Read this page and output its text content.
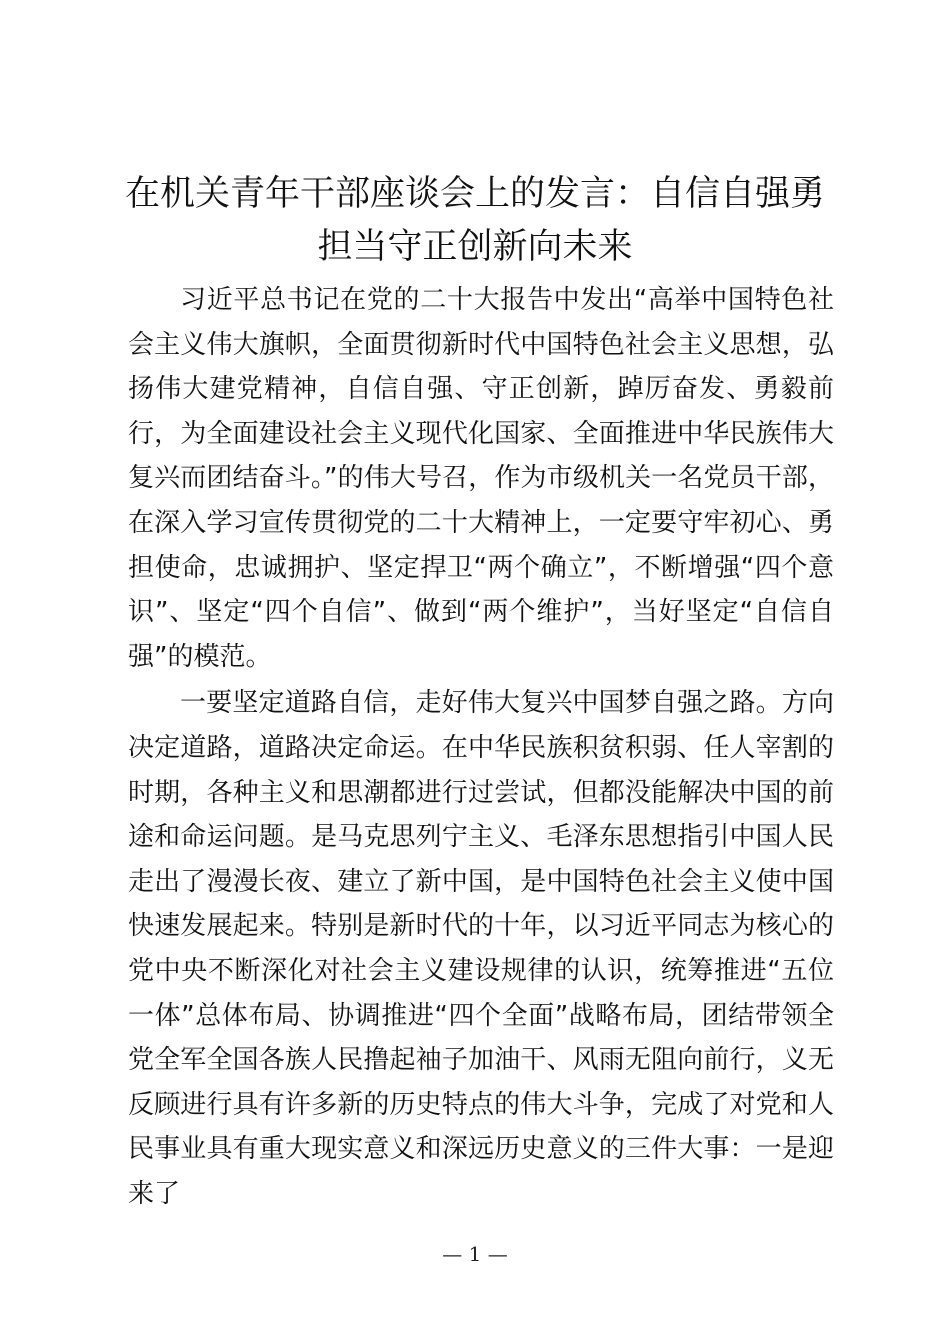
在机关青年干部座谈会上的发言：自信自强勇担当守正创新向未来

习近平总书记在党的二十大报告中发出“高举中国特色社会主义伟大旗帜，全面贯彻新时代中国特色社会主义思想，弘扬伟大建党精神，自信自强、守正创新，踔厉奋发、勇毅前行，为全面建设社会主义现代化国家、全面推进中华民族伟大复兴而团结奋斗。”的伟大号召，作为市级机关一名党员干部，在深入学习宣传贯彻党的二十大精神上，一定要守牢初心、勇担使命，忠诚拥护、坚定捍卫“两个确立”，不断增强“四个意识”、坚定“四个自信”、做到“两个维护”，当好坚定“自信自强”的模范。

一要坚定道路自信，走好伟大复兴中国梦自强之路。方向决定道路，道路决定命运。在中华民族积贫积弱、任人宰割的时期，各种主义和思潮都进行过尝试，但都没能解决中国的前途和命运问题。是马克思列宁主义、毛泽东思想指引中国人民走出了漫漫长夜、建立了新中国，是中国特色社会主义使中国快速发展起来。特别是新时代的十年，以习近平同志为核心的党中央不断深化对社会主义建设规律的认识，统筹推进“五位一体”总体布局、协调推进“四个全面”战略布局，团结带领全党全军全国各族人民撸起袖子加油干、风雨无阻向前行，义无反顾进行具有许多新的历史特点的伟大斗争，完成了对党和人民事业具有重大现实意义和深远历史意义的三件大事：一是迎来了

— 1 —
